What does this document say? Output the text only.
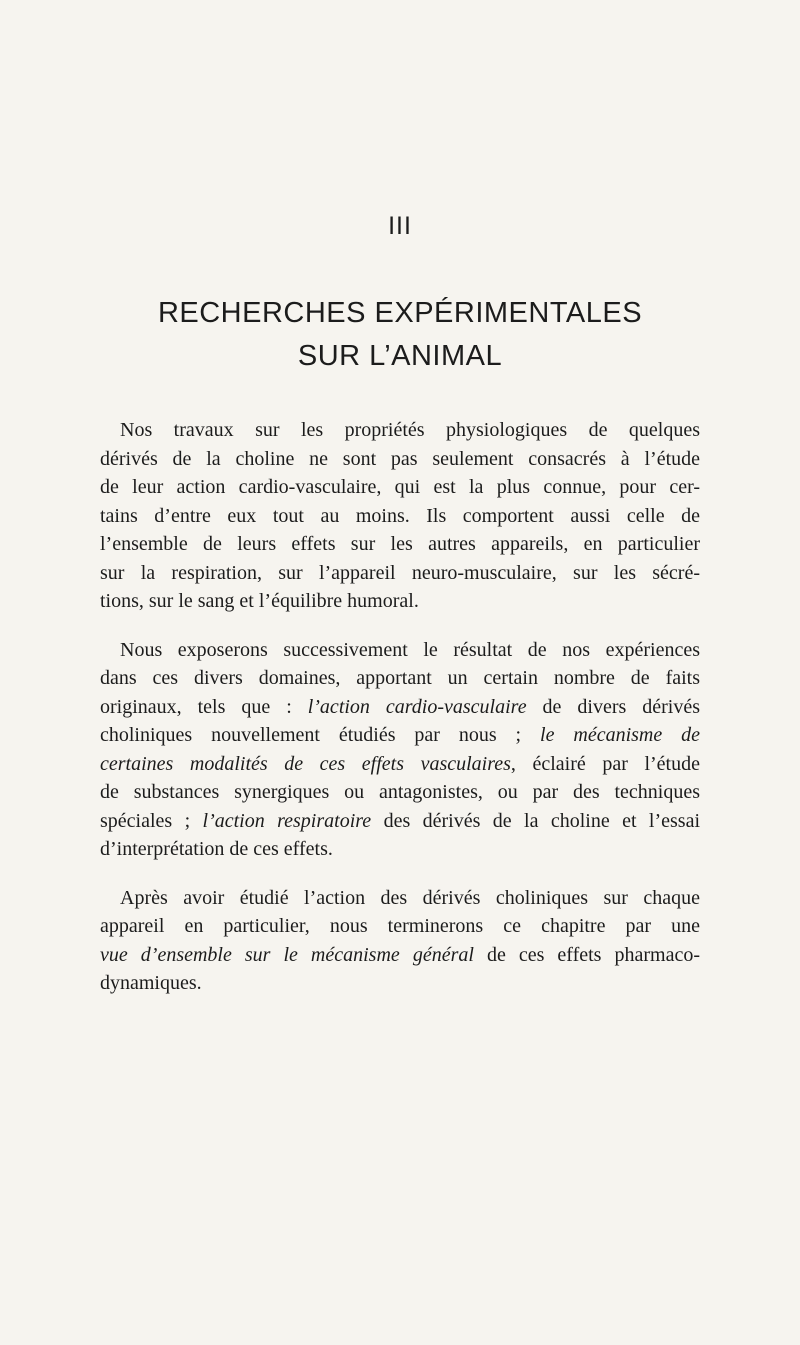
III
RECHERCHES EXPÉRIMENTALES
SUR L’ANIMAL

Nos travaux sur les propriétés physiologiques de quelques
dérivés de la choline ne sont pas seulement consacrés à l’étude
de leur action cardio-vasculaire, qui est la plus connue, pour cer-
tains d’entre eux tout au moins. Ils comportent aussi celle de
l’ensemble de leurs effets sur les autres appareils, en particulier
sur la respiration, sur l’appareil neuro-musculaire, sur les sécré-
tions, sur le sang et l’équilibre humoral.

Nous exposerons successivement le résultat de nos expériences
dans ces divers domaines, apportant un certain nombre de faits
originaux, tels que : l’action cardio-vasculaire de divers dérivés
choliniques nouvellement étudiés par nous ; le mécanisme de
certaines modalités de ces effets vasculaires, éclairé par l’étude
de substances synergiques ou antagonistes, ou par des techniques
spéciales ; l’action respiratoire des dérivés de la choline et l’essai
d’interprétation de ces effets.

Après avoir étudié l’action des dérivés choliniques sur chaque
appareil en particulier, nous terminerons ce chapitre par une
vue d’ensemble sur le mécanisme général de ces effets pharmaco-
dynamiques.
